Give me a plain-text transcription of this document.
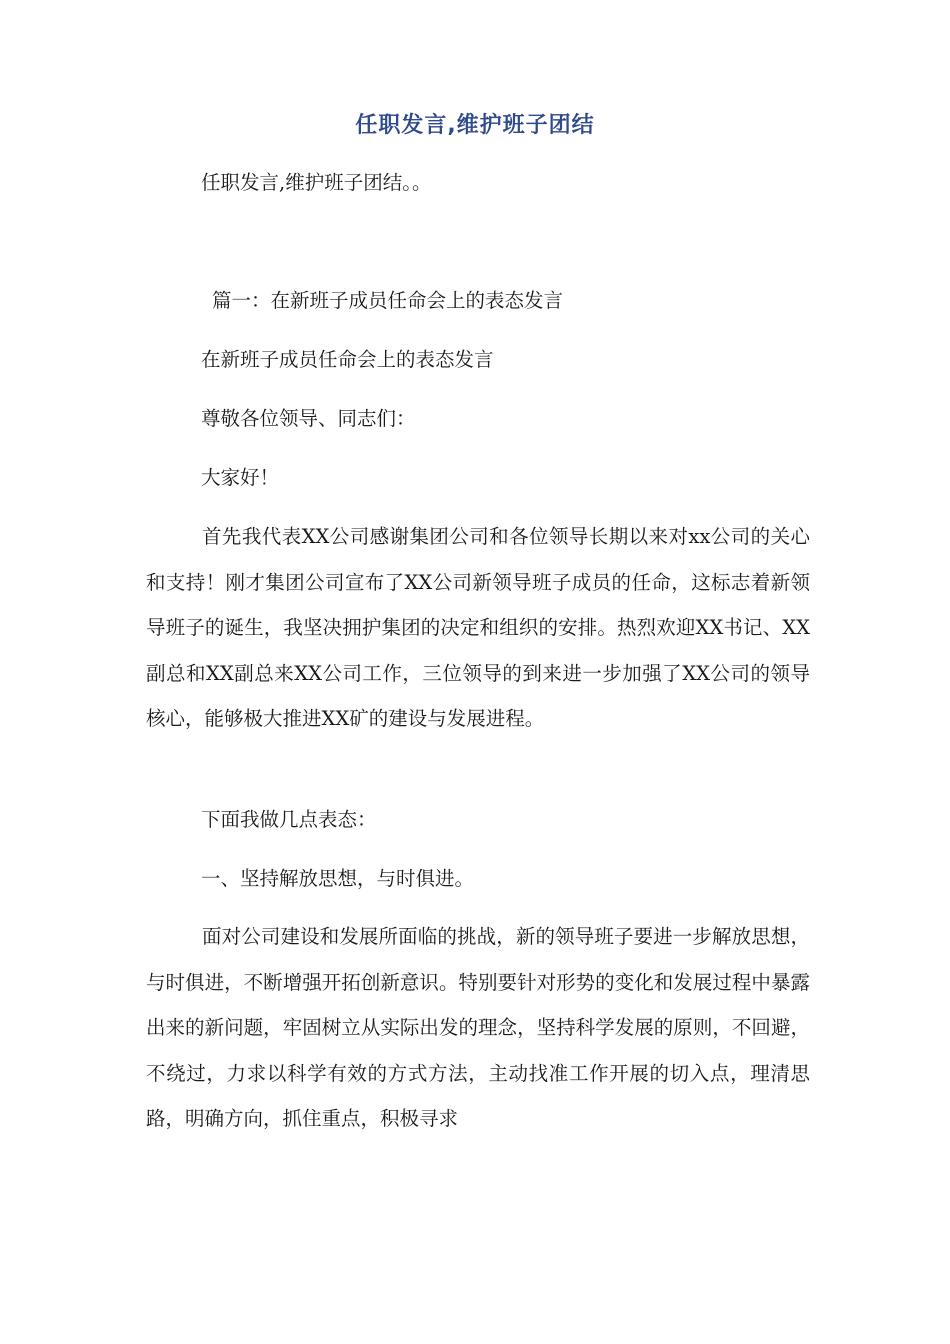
任职发言,维护班子团结
任职发言,维护班子团结。。
篇一：在新班子成员任命会上的表态发言
在新班子成员任命会上的表态发言
尊敬各位领导、同志们：
大家好！

首先我代表XX公司感谢集团公司和各位领导长期以来对xx公司的关心和支持！刚才集团公司宣布了XX公司新领导班子成员的任命，这标志着新领导班子的诞生，我坚决拥护集团的决定和组织的安排。热烈欢迎XX书记、XX副总和XX副总来XX公司工作，三位领导的到来进一步加强了XX公司的领导核心，能够极大推进XX矿的建设与发展进程。

下面我做几点表态：
一、坚持解放思想，与时俱进。

面对公司建设和发展所面临的挑战，新的领导班子要进一步解放思想，与时俱进，不断增强开拓创新意识。特别要针对形势的变化和发展过程中暴露出来的新问题，牢固树立从实际出发的理念，坚持科学发展的原则，不回避，不绕过，力求以科学有效的方式方法，主动找准工作开展的切入点，理清思路，明确方向，抓住重点，积极寻求
